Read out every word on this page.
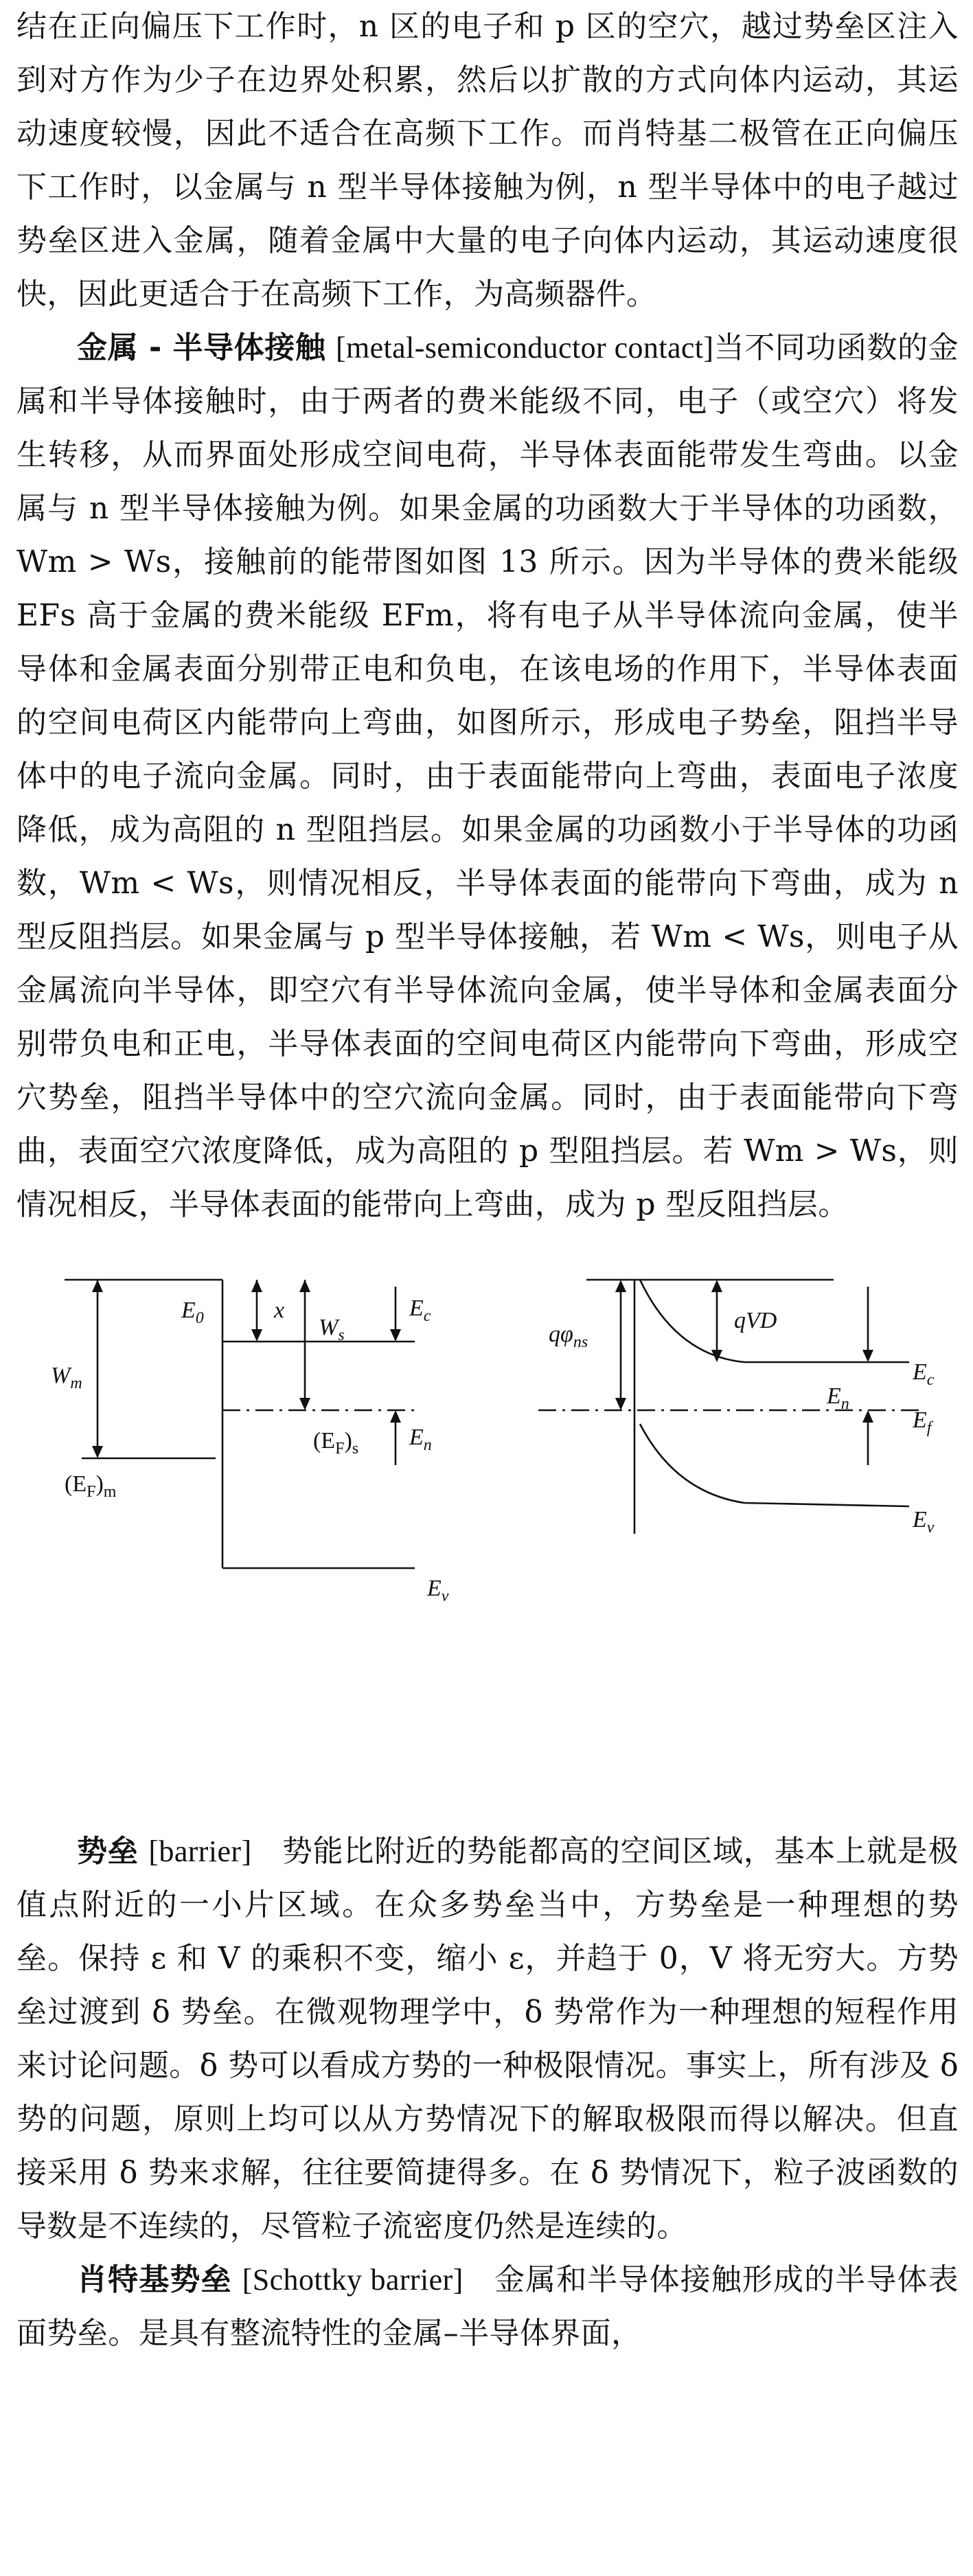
结在正向偏压下工作时，n 区的电子和 p 区的空穴，越过势垒区注入到对方作为少子在边界处积累，然后以扩散的方式向体内运动，其运动速度较慢，因此不适合在高频下工作。而肖特基二极管在正向偏压下工作时，以金属与 n 型半导体接触为例，n 型半导体中的电子越过势垒区进入金属，随着金属中大量的电子向体内运动，其运动速度很快，因此更适合于在高频下工作，为高频器件。

金属 - 半导体接触 [metal-semiconductor contact]当不同功函数的金属和半导体接触时，由于两者的费米能级不同，电子（或空穴）将发生转移，从而界面处形成空间电荷，半导体表面能带发生弯曲。以金属与 n 型半导体接触为例。如果金属的功函数大于半导体的功函数，Wm > Ws，接触前的能带图如图 13 所示。因为半导体的费米能级 EFs 高于金属的费米能级 EFm，将有电子从半导体流向金属，使半导体和金属表面分别带正电和负电，在该电场的作用下，半导体表面的空间电荷区内能带向上弯曲，如图所示，形成电子势垒，阻挡半导体中的电子流向金属。同时，由于表面能带向上弯曲，表面电子浓度降低，成为高阻的 n 型阻挡层。如果金属的功函数小于半导体的功函数，Wm < Ws，则情况相反，半导体表面的能带向下弯曲，成为 n 型反阻挡层。如果金属与 p 型半导体接触，若 Wm < Ws，则电子从金属流向半导体，即空穴有半导体流向金属，使半导体和金属表面分别带负电和正电，半导体表面的空间电荷区内能带向下弯曲，形成空穴势垒，阻挡半导体中的空穴流向金属。同时，由于表面能带向下弯曲，表面空穴浓度降低，成为高阻的 p 型阻挡层。若 Wm > Ws，则情况相反，半导体表面的能带向上弯曲，成为 p 型反阻挡层。

$W_m$
$E_0$	x
$W_s$
$E_c$
$(E_F)_s$ $E_n$
$(E_F)_m$
$E_v$
$q\varphi_{ns}$
qVD
$E_c$
$E_n$
$E_f$
$E_v$

势垒 [barrier] 势能比附近的势能都高的空间区域，基本上就是极值点附近的一小片区域。在众多势垒当中，方势垒是一种理想的势垒。保持 ε 和 V 的乘积不变，缩小 ε，并趋于 0，V 将无穷大。方势垒过渡到 δ 势垒。在微观物理学中，δ 势常作为一种理想的短程作用来讨论问题。δ 势可以看成方势的一种极限情况。事实上，所有涉及 δ 势的问题，原则上均可以从方势情况下的解取极限而得以解决。但直接采用 δ 势来求解，往往要简捷得多。在 δ 势情况下，粒子波函数的导数是不连续的，尽管粒子流密度仍然是连续的。

肖特基势垒 [Schottky barrier] 金属和半导体接触形成的半导体表面势垒。是具有整流特性的金属–半导体界面，
